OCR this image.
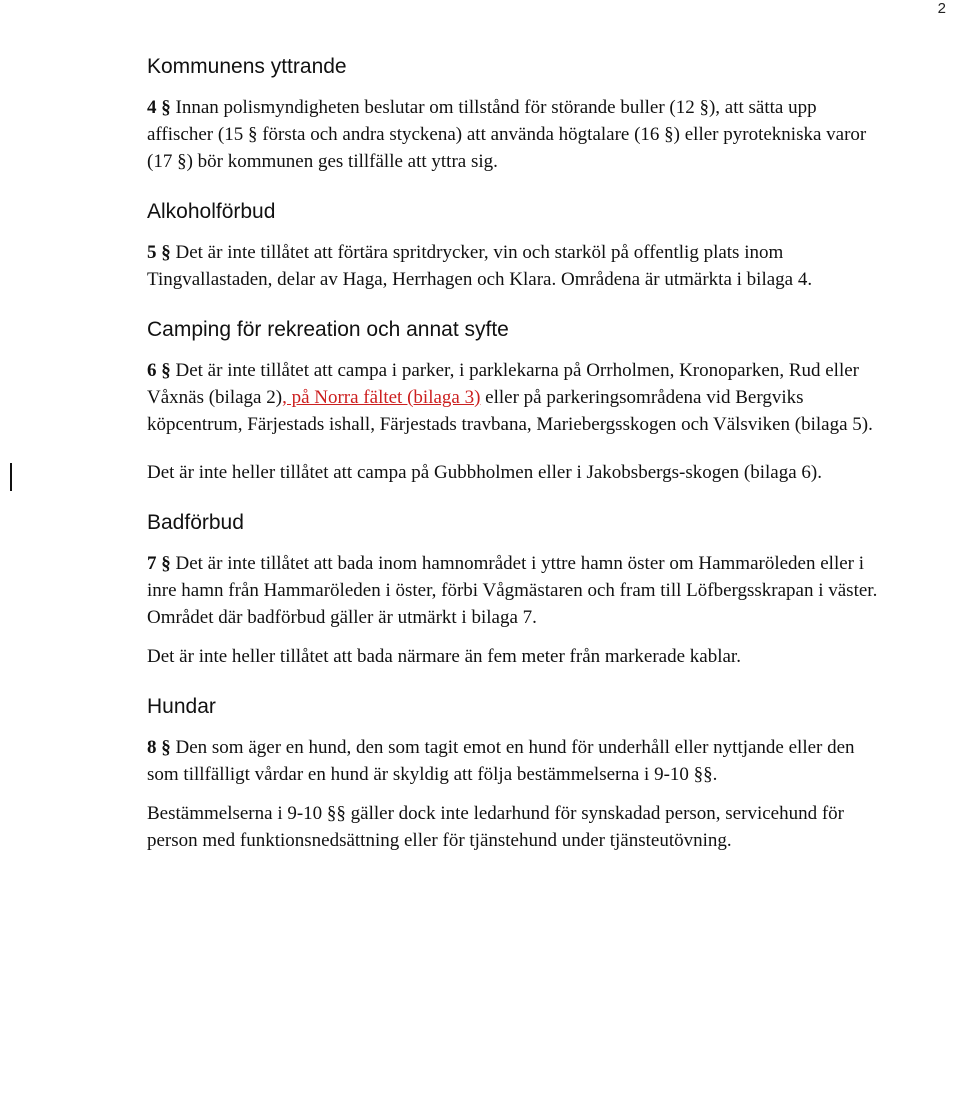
2
Kommunens yttrande

4 § Innan polismyndigheten beslutar om tillstånd för störande buller (12 §), att sätta upp affischer (15 § första och andra styckena) att använda högtalare (16 §) eller pyrotekniska varor (17 §) bör kommunen ges tillfälle att yttra sig.

Alkoholförbud

5 § Det är inte tillåtet att förtära spritdrycker, vin och starköl på offentlig plats inom Tingvallastaden, delar av Haga, Herrhagen och Klara. Områdena är utmärkta i bilaga 4.

Camping för rekreation och annat syfte

6 § Det är inte tillåtet att campa i parker, i parklekarna på Orrholmen, Kronoparken, Rud eller Våxnäs (bilaga 2), på Norra fältet (bilaga 3) eller på parkeringsområdena vid Bergviks köpcentrum, Färjestads ishall, Färjestads travbana, Mariebergsskogen och Välsviken (bilaga 5).

Det är inte heller tillåtet att campa på Gubbholmen eller i Jakobsbergs-skogen (bilaga 6).

Badförbud

7 § Det är inte tillåtet att bada inom hamnområdet i yttre hamn öster om Hammaröleden eller i inre hamn från Hammaröleden i öster, förbi Vågmästaren och fram till Löfbergsskrapan i väster. Området där badförbud gäller är utmärkt i bilaga 7.

Det är inte heller tillåtet att bada närmare än fem meter från markerade kablar.

Hundar

8 § Den som äger en hund, den som tagit emot en hund för underhåll eller nyttjande eller den som tillfälligt vårdar en hund är skyldig att följa bestämmelserna i 9-10 §§.

Bestämmelserna i 9-10 §§ gäller dock inte ledarhund för synskadad person, servicehund för person med funktionsnedsättning eller för tjänstehund under tjänsteutövning.
